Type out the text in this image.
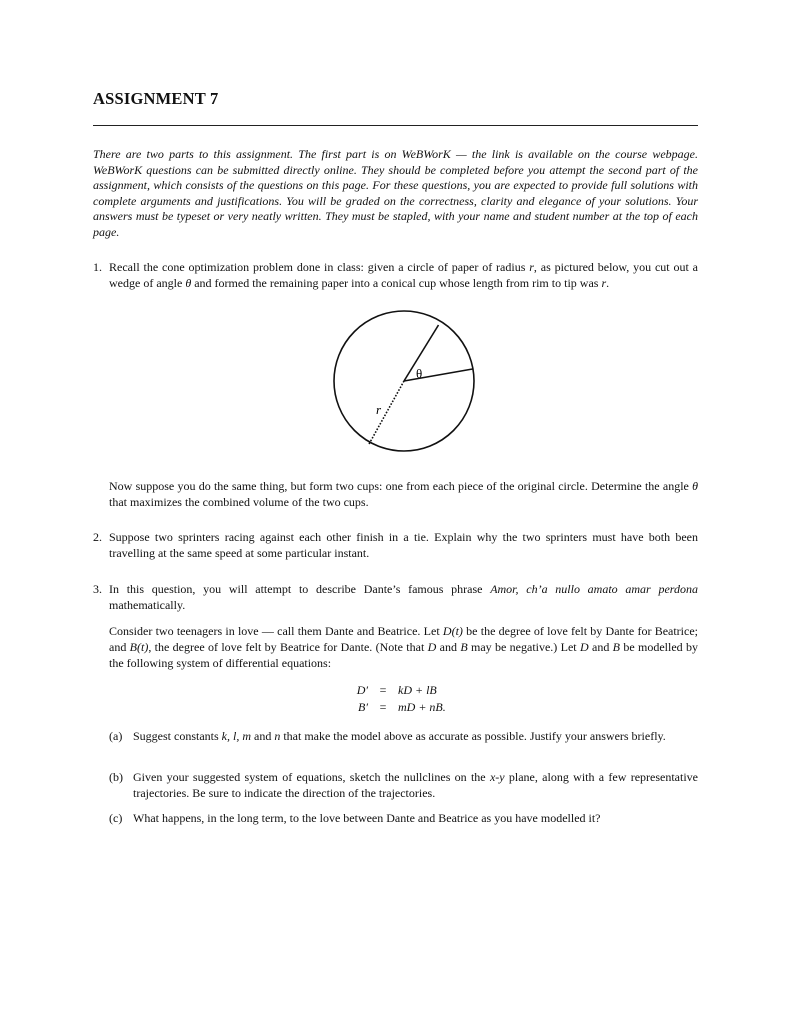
ASSIGNMENT 7

There are two parts to this assignment. The first part is on WeBWorK — the link is available on the course webpage. WeBWorK questions can be submitted directly online. They should be completed before you attempt the second part of the assignment, which consists of the questions on this page. For these questions, you are expected to provide full solutions with complete arguments and justifications. You will be graded on the correctness, clarity and elegance of your solutions. Your answers must be typeset or very neatly written. They must be stapled, with your name and student number at the top of each page.

1. Recall the cone optimization problem done in class: given a circle of paper of radius r, as pictured below, you cut out a wedge of angle θ and formed the remaining paper into a conical cup whose length from rim to tip was r.

θ
r

Now suppose you do the same thing, but form two cups: one from each piece of the original circle. Determine the angle θ that maximizes the combined volume of the two cups.

2. Suppose two sprinters racing against each other finish in a tie. Explain why the two sprinters must have both been travelling at the same speed at some particular instant.

3. In this question, you will attempt to describe Dante’s famous phrase Amor, ch’a nullo amato amar perdona mathematically.

Consider two teenagers in love — call them Dante and Beatrice. Let D(t) be the degree of love felt by Dante for Beatrice; and B(t), the degree of love felt by Beatrice for Dante. (Note that D and B may be negative.) Let D and B be modelled by the following system of differential equations:

D′ = kD + lB
B′ = mD + nB.
(a) Suggest constants k, l, m and n that make the model above as accurate as possible. Justify your answers briefly.
(b) Given your suggested system of equations, sketch the nullclines on the x-y plane, along with a few representative trajectories. Be sure to indicate the direction of the trajectories.
(c) What happens, in the long term, to the love between Dante and Beatrice as you have modelled it?
